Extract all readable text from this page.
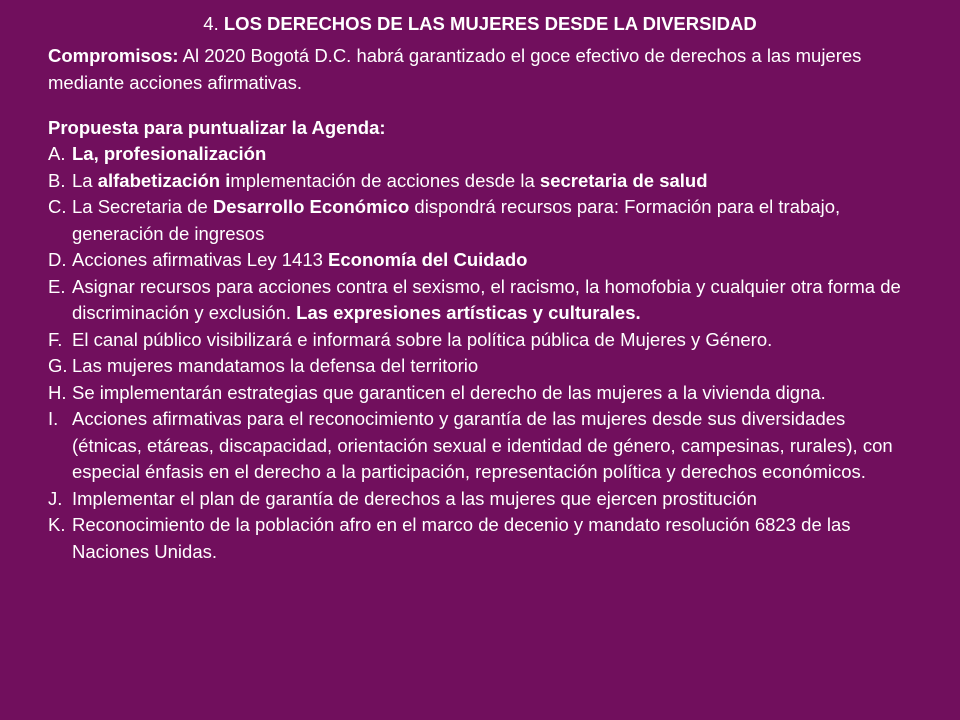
4. LOS DERECHOS DE LAS MUJERES DESDE LA DIVERSIDAD

Compromisos: Al 2020 Bogotá D.C. habrá garantizado el goce efectivo de derechos a las mujeres mediante acciones afirmativas.

Propuesta para puntualizar la Agenda:

A. La, profesionalización
B. La alfabetización implementación de acciones desde la secretaria de salud
C. La Secretaria de Desarrollo Económico dispondrá recursos para: Formación para el trabajo, generación de ingresos
D. Acciones afirmativas Ley 1413 Economía del Cuidado
E. Asignar recursos para acciones contra el sexismo, el racismo, la homofobia y cualquier otra forma de discriminación y exclusión. Las expresiones artísticas y culturales.
F. El canal público visibilizará e informará sobre la política pública de Mujeres y Género.
G. Las mujeres mandatamos la defensa del territorio
H. Se implementarán estrategias que garanticen el derecho de las mujeres a la vivienda digna.
I. Acciones afirmativas para el reconocimiento y garantía de las mujeres desde sus diversidades (étnicas, etáreas, discapacidad, orientación sexual e identidad de género, campesinas, rurales), con especial énfasis en el derecho a la participación, representación política y derechos económicos.
J. Implementar el plan de garantía de derechos a las mujeres que ejercen prostitución
K. Reconocimiento de la población afro en el marco de decenio y mandato resolución 6823 de las Naciones Unidas.
